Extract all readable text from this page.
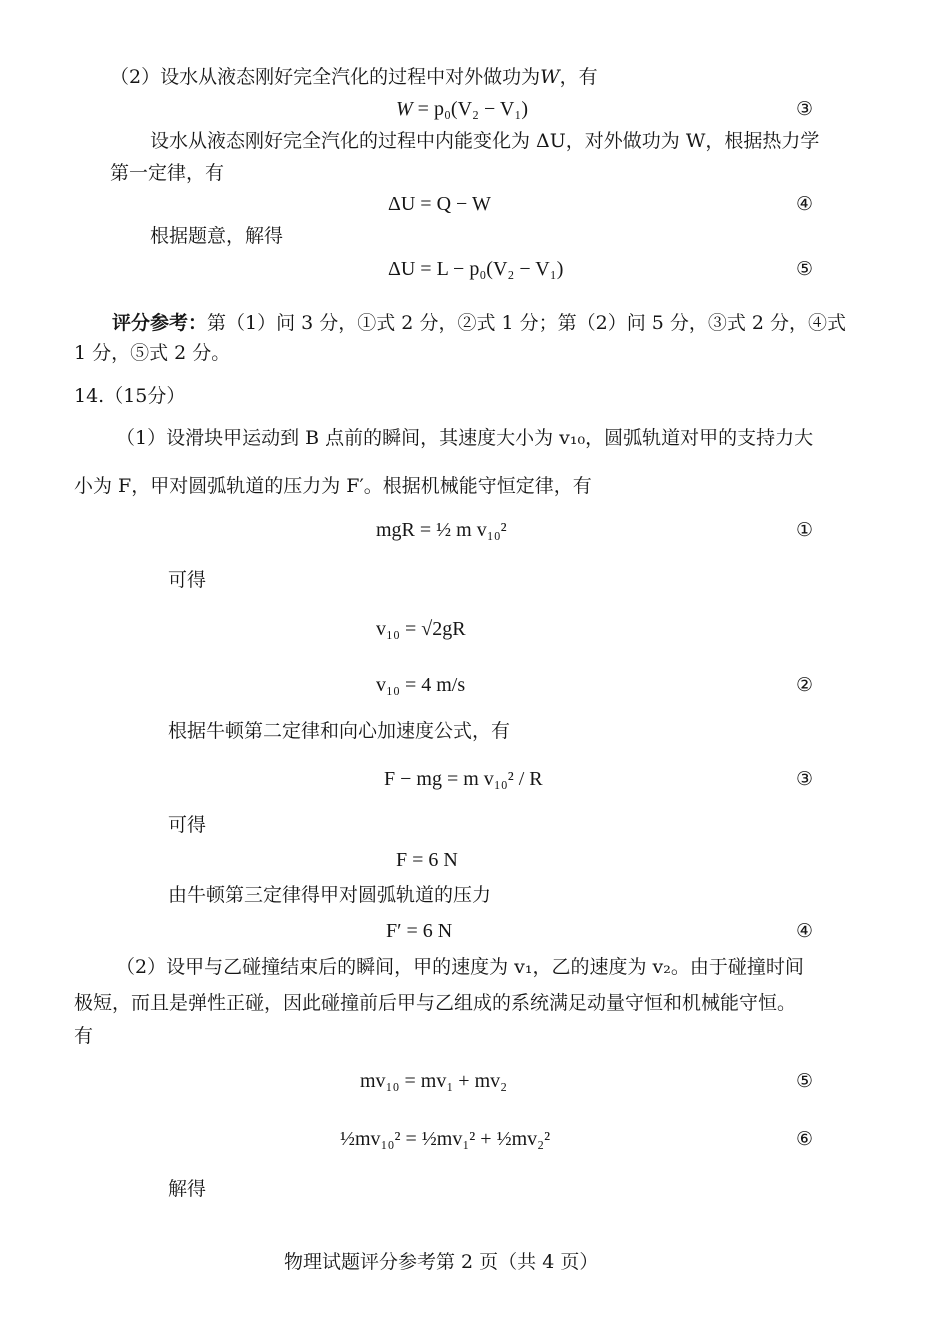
（2）设水从液态刚好完全汽化的过程中对外做功为W，有
W = p₀(V₂ − V₁)	③
设水从液态刚好完全汽化的过程中内能变化为 ΔU，对外做功为 W，根据热力学
第一定律，有
ΔU = Q − W	④
根据题意，解得
ΔU = L − p₀(V₂ − V₁)	⑤
评分参考：第（1）问 3 分，①式 2 分，②式 1 分；第（2）问 5 分，③式 2 分，④式
1 分，⑤式 2 分。
14.（15分）
（1）设滑块甲运动到 B 点前的瞬间，其速度大小为 v₁₀，圆弧轨道对甲的支持力大
小为 F，甲对圆弧轨道的压力为 F′。根据机械能守恒定律，有
mgR = ½ m v₁₀²	①
可得
v₁₀ = √2gR
v₁₀ = 4 m/s	②
根据牛顿第二定律和向心加速度公式，有
F − mg = m v₁₀² / R	③
可得
F = 6 N
由牛顿第三定律得甲对圆弧轨道的压力
F′ = 6 N	④
（2）设甲与乙碰撞结束后的瞬间，甲的速度为 v₁，乙的速度为 v₂。由于碰撞时间
极短，而且是弹性正碰，因此碰撞前后甲与乙组成的系统满足动量守恒和机械能守恒。
有
mv₁₀ = mv₁ + mv₂	⑤
½mv₁₀² = ½mv₁² + ½mv₂²	⑥
解得
物理试题评分参考第 2 页（共 4 页）
